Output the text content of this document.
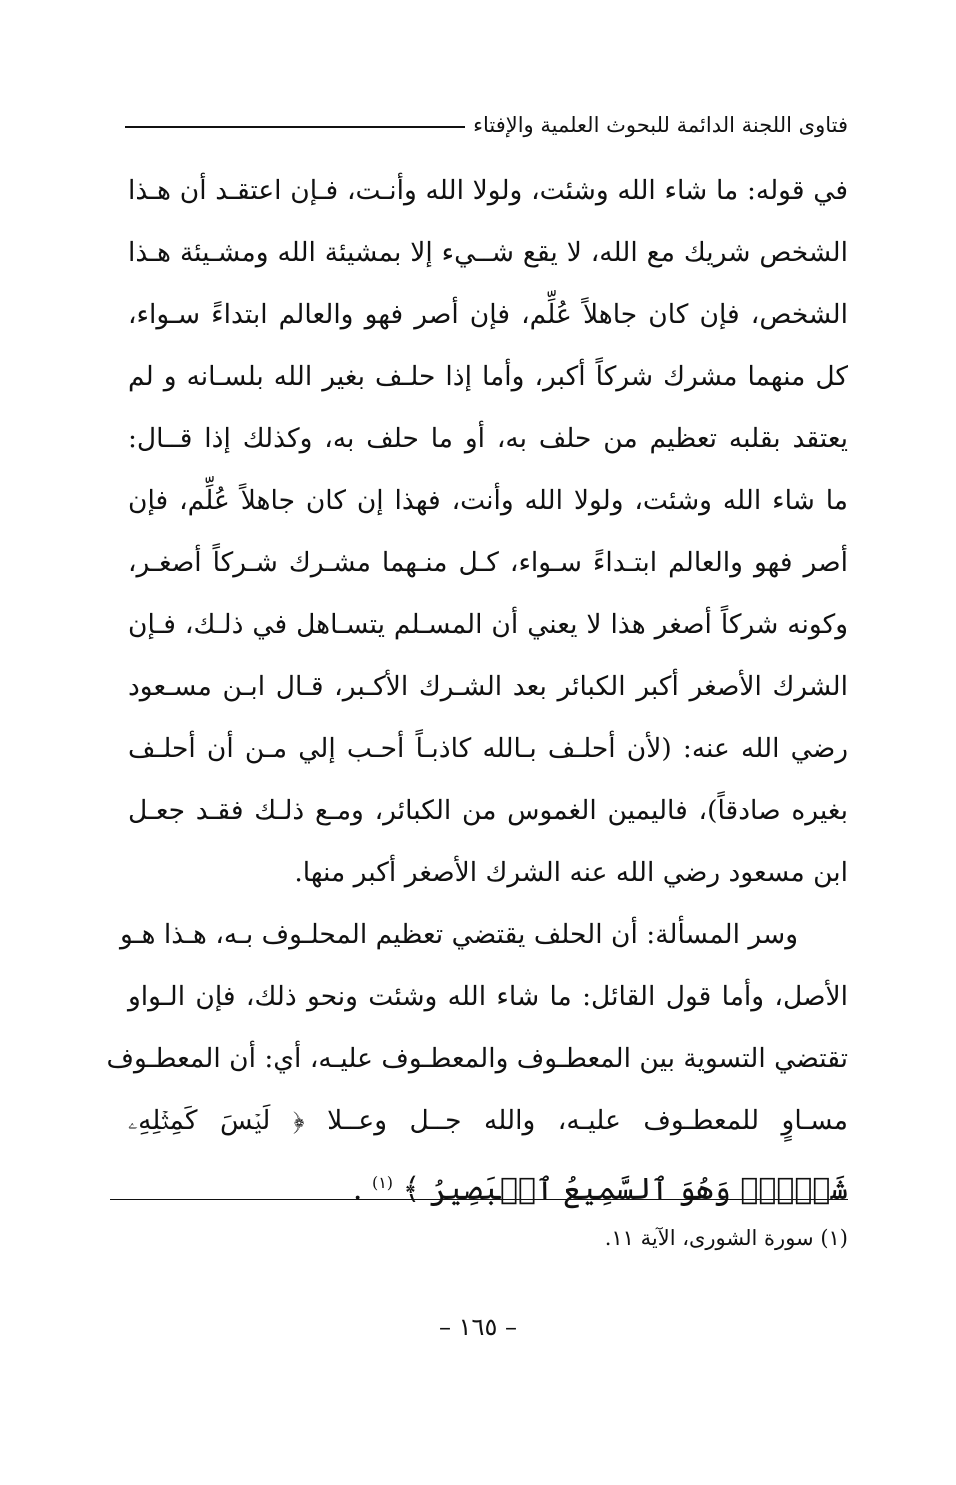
فتاوى اللجنة الدائمة للبحوث العلمية والإفتاء
في قوله: ما شاء الله وشئت، ولولا الله وأنـت، فـإن اعتقـد أن هـذا
الشخص شريك مع الله، لا يقع شــيء إلا بمشيئة الله ومشـيئة هـذا
الشخص، فإن كان جاهلاً عُلِّم، فإن أصر فهو والعالم ابتداءً سـواء،
كل منهما مشرك شركاً أكبر، وأما إذا حلـف بغير الله بلسـانه و لم
يعتقد بقلبه تعظيم من حلف به، أو ما حلف به، وكذلك إذا قــال:
ما شاء الله وشئت، ولولا الله وأنت، فهذا إن كان جاهلاً عُلِّم، فإن
أصر فهو والعالم ابتـداءً سـواء، كـل منـهما مشـرك شـركاً أصغـر،
وكونه شركاً أصغر هذا لا يعني أن المسـلم يتسـاهل في ذلـك، فـإن
الشرك الأصغر أكبر الكبائر بعد الشـرك الأكـبر، قـال ابـن مسـعود
رضي الله عنه: (لأن أحلـف بـالله كاذبـاً أحـب إلي مـن أن أحلـف
بغيره صادقاً)، فاليمين الغموس من الكبائر، ومـع ذلـك فقـد جعـل
ابن مسعود رضي الله عنه الشرك الأصغر أكبر منها.
وسر المسألة: أن الحلف يقتضي تعظيم المحلـوف بـه، هـذا هـو
الأصل، وأما قول القائل: ما شاء الله وشئت ونحو ذلك، فإن الـواو
تقتضي التسوية بين المعطـوف والمعطـوف عليـه، أي: أن المعطـوف
مسـاوٍ للمعطـوف عليـه، والله جــل وعــلا ﴿ لَيۡسَ كَمِثۡلِهِۦ
شَيۡءٞۖ وَهُوَ ٱلسَّمِيعُ ٱلۡبَصِيرُ ﴾ $^{(١)}$ .
(١) سورة الشورى، الآية ١١.
– ١٦٥ –
